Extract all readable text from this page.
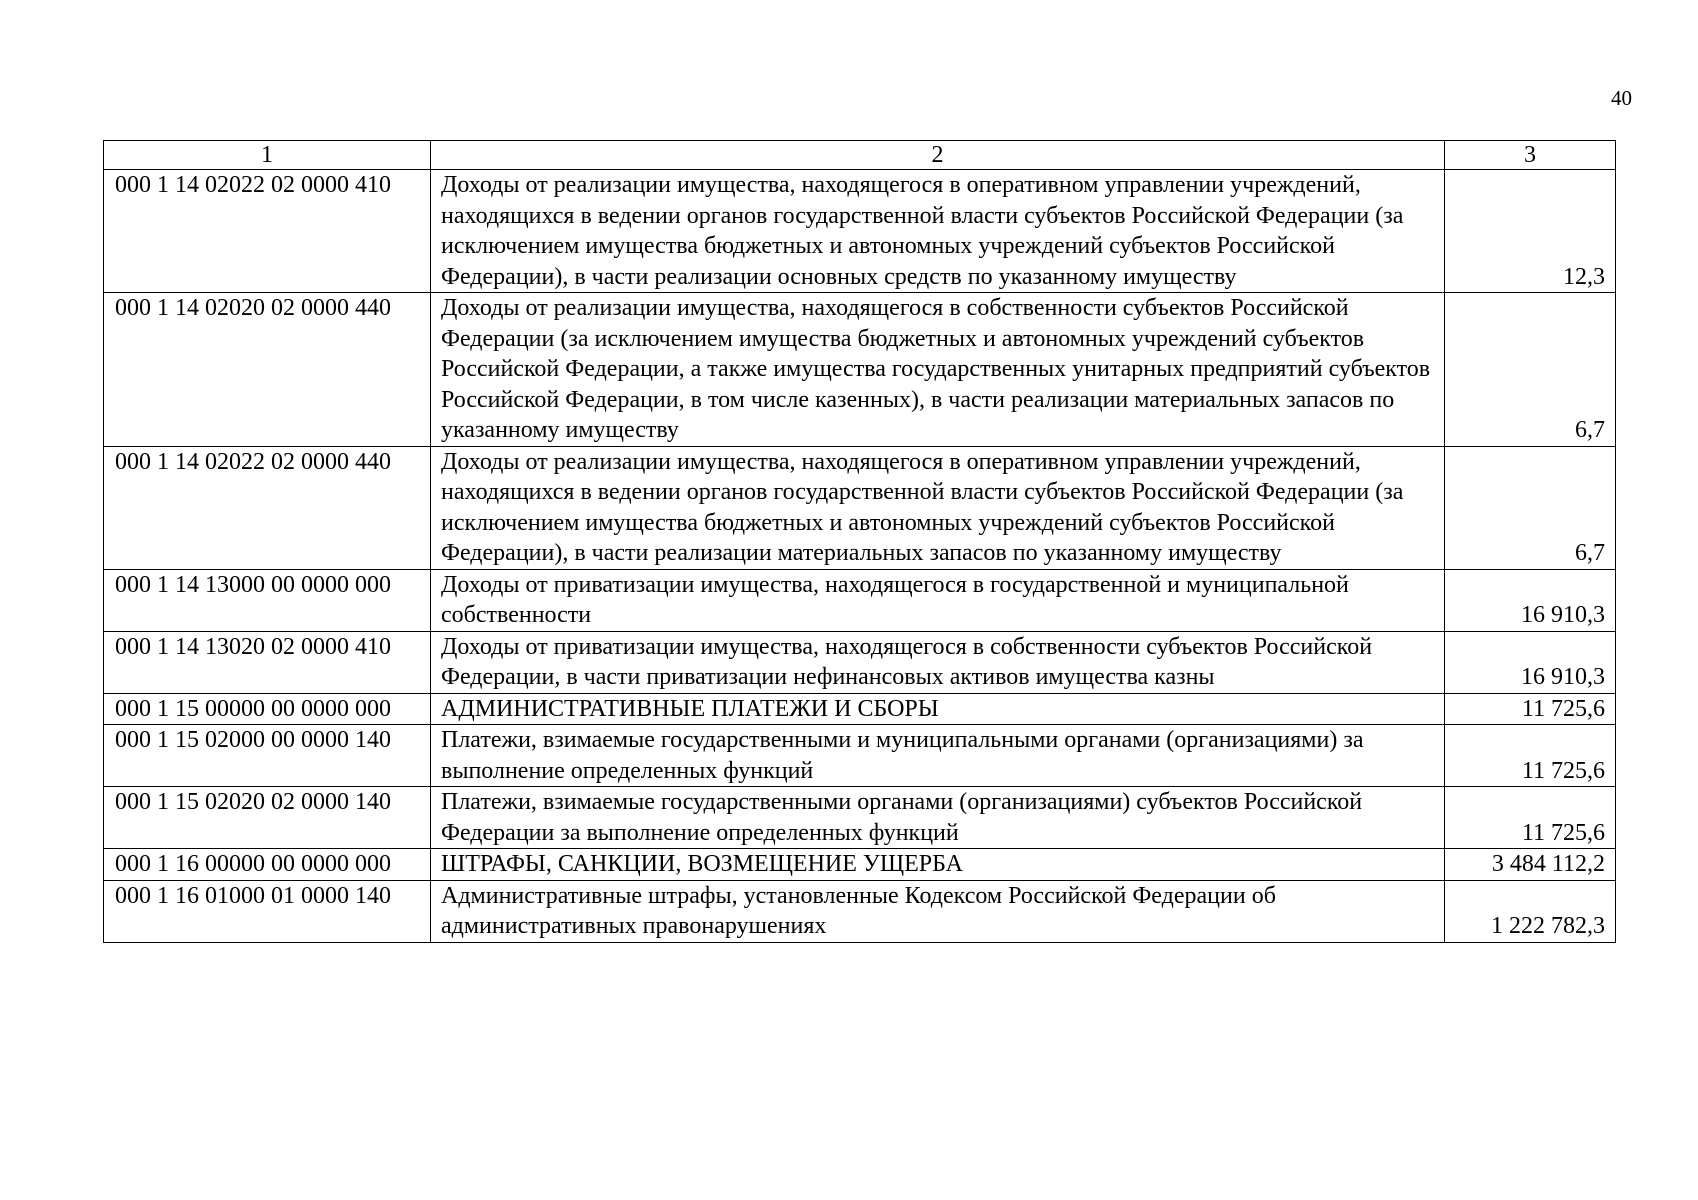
40
1	2	3
000 1 14 02022 02 0000 410	Доходы от реализации имущества, находящегося в оперативном управлении учреждений, находящихся в ведении органов государственной власти субъектов Российской Федерации (за исключением имущества бюджетных и автономных учреждений субъектов Российской Федерации), в части реализации основных средств по указанному имуществу	12,3
000 1 14 02020 02 0000 440	Доходы от реализации имущества, находящегося в собственности субъектов Российской Федерации (за исключением имущества бюджетных и автономных учреждений субъектов Российской Федерации, а также имущества государственных унитарных предприятий субъектов Российской Федерации, в том числе казенных), в части реализации материальных запасов по указанному имуществу	6,7
000 1 14 02022 02 0000 440	Доходы от реализации имущества, находящегося в оперативном управлении учреждений, находящихся в ведении органов государственной власти субъектов Российской Федерации (за исключением имущества бюджетных и автономных учреждений субъектов Российской Федерации), в части реализации материальных запасов по указанному имуществу	6,7
000 1 14 13000 00 0000 000	Доходы от приватизации имущества, находящегося в государственной и муниципальной собственности	16 910,3
000 1 14 13020 02 0000 410	Доходы от приватизации имущества, находящегося в собственности субъектов Российской Федерации, в части приватизации нефинансовых активов имущества казны	16 910,3
000 1 15 00000 00 0000 000	АДМИНИСТРАТИВНЫЕ ПЛАТЕЖИ И СБОРЫ	11 725,6
000 1 15 02000 00 0000 140	Платежи, взимаемые государственными и муниципальными органами (организациями) за выполнение определенных функций	11 725,6
000 1 15 02020 02 0000 140	Платежи, взимаемые государственными органами (организациями) субъектов Российской Федерации за выполнение определенных функций	11 725,6
000 1 16 00000 00 0000 000	ШТРАФЫ, САНКЦИИ, ВОЗМЕЩЕНИЕ УЩЕРБА	3 484 112,2
000 1 16 01000 01 0000 140	Административные штрафы, установленные Кодексом Российской Федерации об административных правонарушениях	1 222 782,3
